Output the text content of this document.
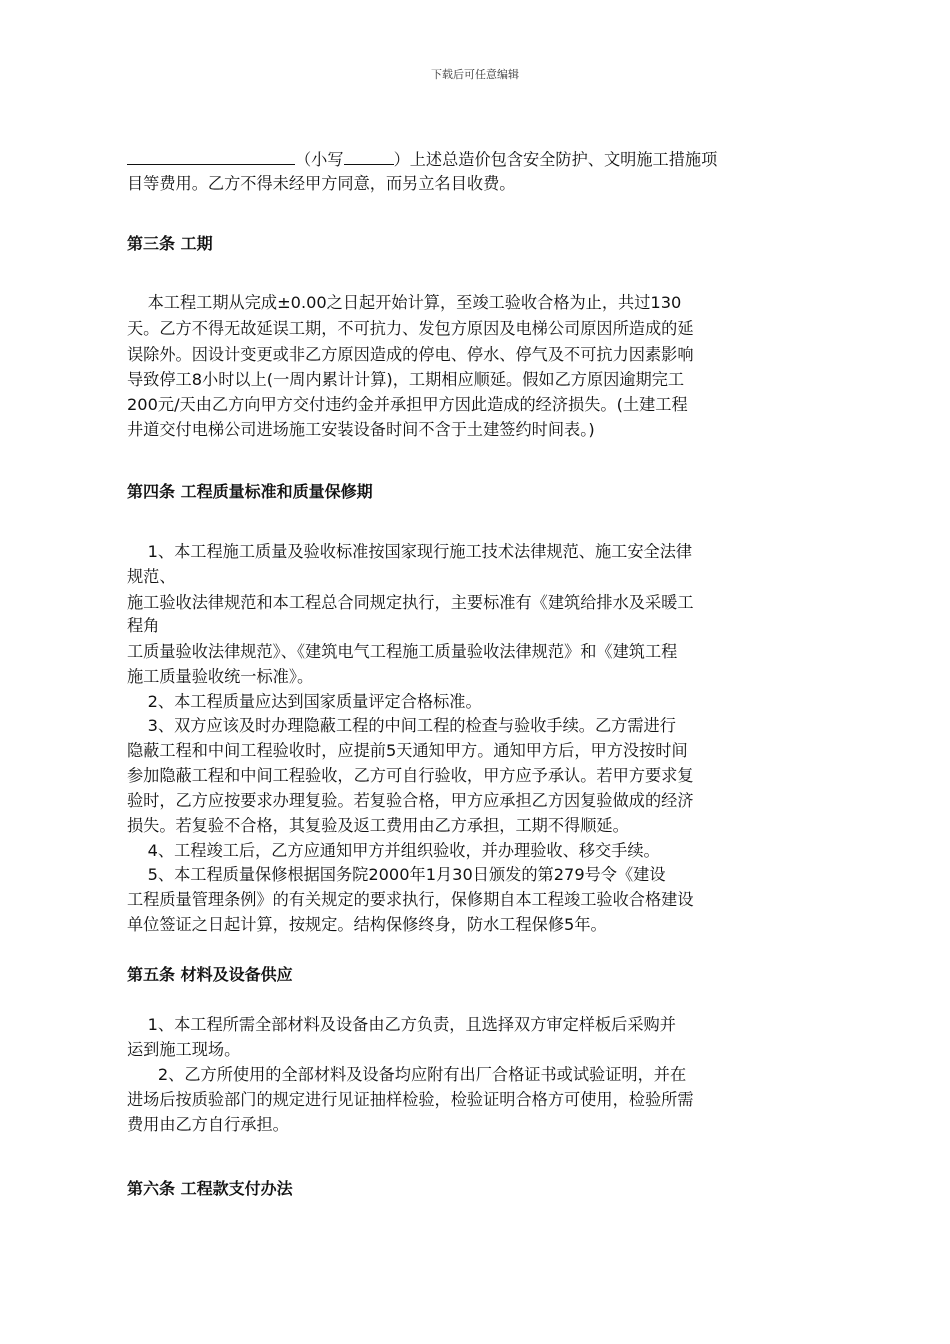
下载后可任意编辑
（小写	）上述总造价包含安全防护、文明施工措施项
目等费用。乙方不得未经甲方同意，而另立名目收费。
第三条 工期
本工程工期从完成±0.00之日起开始计算，至竣工验收合格为止，共过130
天。乙方不得无故延误工期，不可抗力、发包方原因及电梯公司原因所造成的延
误除外。因设计变更或非乙方原因造成的停电、停水、停气及不可抗力因素影响
导致停工8小时以上(一周内累计计算)，工期相应顺延。假如乙方原因逾期完工
200元/天由乙方向甲方交付违约金并承担甲方因此造成的经济损失。(土建工程
井道交付电梯公司进场施工安装设备时间不含于土建签约时间表。)
第四条 工程质量标准和质量保修期
1、本工程施工质量及验收标准按国家现行施工技术法律规范、施工安全法律
规范、
施工验收法律规范和本工程总合同规定执行，主要标准有《建筑给排水及采暖工
程角
工质量验收法律规范》、《建筑电气工程施工质量验收法律规范》和《建筑工程
施工质量验收统一标准》。
2、本工程质量应达到国家质量评定合格标准。
3、双方应该及时办理隐蔽工程的中间工程的检查与验收手续。乙方需进行
隐蔽工程和中间工程验收时，应提前5天通知甲方。通知甲方后，甲方没按时间
参加隐蔽工程和中间工程验收，乙方可自行验收，甲方应予承认。若甲方要求复
验时，乙方应按要求办理复验。若复验合格，甲方应承担乙方因复验做成的经济
损失。若复验不合格，其复验及返工费用由乙方承担，工期不得顺延。
4、工程竣工后，乙方应通知甲方并组织验收，并办理验收、移交手续。
5、本工程质量保修根据国务院2000年1月30日颁发的第279号令《建设
工程质量管理条例》的有关规定的要求执行，保修期自本工程竣工验收合格建设
单位签证之日起计算，按规定。结构保修终身，防水工程保修5年。
第五条 材料及设备供应
1、本工程所需全部材料及设备由乙方负责，且选择双方审定样板后采购并
运到施工现场。
2、乙方所使用的全部材料及设备均应附有出厂合格证书或试验证明，并在
进场后按质验部门的规定进行见证抽样检验，检验证明合格方可使用，检验所需
费用由乙方自行承担。
第六条 工程款支付办法
